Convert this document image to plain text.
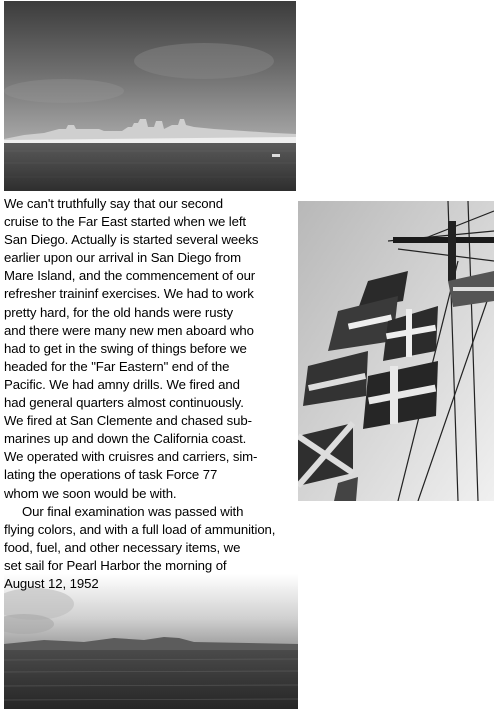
We can't truthfully say that our second
cruise to the Far East started when we left
San Diego. Actually is started several weeks
earlier upon our arrival in San Diego from
Mare Island, and the commencement of our
refresher traininf exercises. We had to work
pretty hard, for the old hands were rusty
and there were many new men aboard who
had to get in the swing of things before we
headed for the "Far Eastern" end of the
Pacific. We had amny drills. We fired and
had general quarters almost continuously.
We fired at San Clemente and chased sub-
marines up and down the California coast.
We operated with cruisres and carriers, sim-
lating the operations of task Force 77
whom we soon would be with.
Our final examination was passed with
flying colors, and with a full load of ammunition,
food, fuel, and other necessary items, we
set sail for Pearl Harbor the morning of
August 12, 1952
